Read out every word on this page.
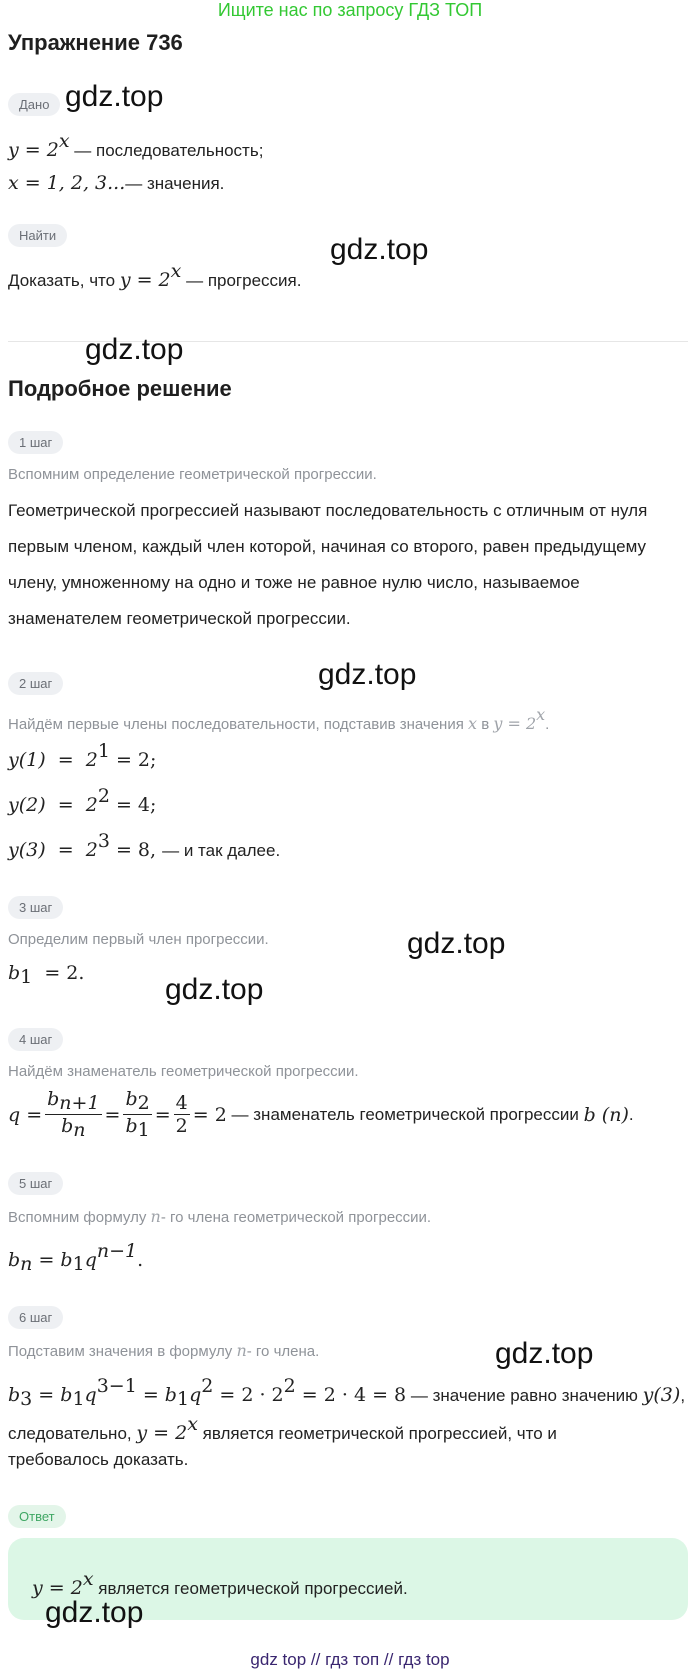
Ищите нас по запросу ГДЗ ТОП
Упражнение 736
Дано
$y = 2^x$ — последовательность;
x = 1, 2, 3...— значения.
Найти
Доказать, что $y = 2^x$ — прогрессия.
Подробное решение
1 шаг
Вспомним определение геометрической прогрессии.
Геометрической прогрессией называют последовательность с отличным от нуля первым членом, каждый член которой, начиная со второго, равен предыдущему члену, умноженному на одно и тоже не равное нулю число, называемое знаменателем геометрической прогрессии.
2 шаг
Найдём первые члены последовательности, подставив значения x в $y = 2^x$.
$y(1) = 2^1 = 2$;
$y(2) = 2^2 = 4$;
$y(3) = 2^3 = 8$, — и так далее.
3 шаг
Определим первый член прогрессии.
$b_1 = 2$.
4 шаг
Найдём знаменатель геометрической прогрессии.
$q = \frac{b_{n+1}}{b_n} = \frac{b_2}{b_1} = \frac{4}{2} = 2$ — знаменатель геометрической прогрессии b (n) .
5 шаг
Вспомним формулу n- го члена геометрической прогрессии.
$b_n = b_1q^{n-1}$.
6 шаг
Подставим значения в формулу n- го члена.
$b_3 = b_1q^{3-1} = b_1q^2 = 2 \cdot 2^2 = 2 \cdot 4 = 8$ — значение равно значению y(3),
следовательно, $y = 2^x$ является геометрической прогрессией, что и
требовалось доказать.
Ответ
$y = 2^x$ является геометрической прогрессией.
gdz.top
gdz.top
gdz.top
gdz.top
gdz.top
gdz.top
gdz.top
gdz.top
gdz top // гдз топ // гдз top
